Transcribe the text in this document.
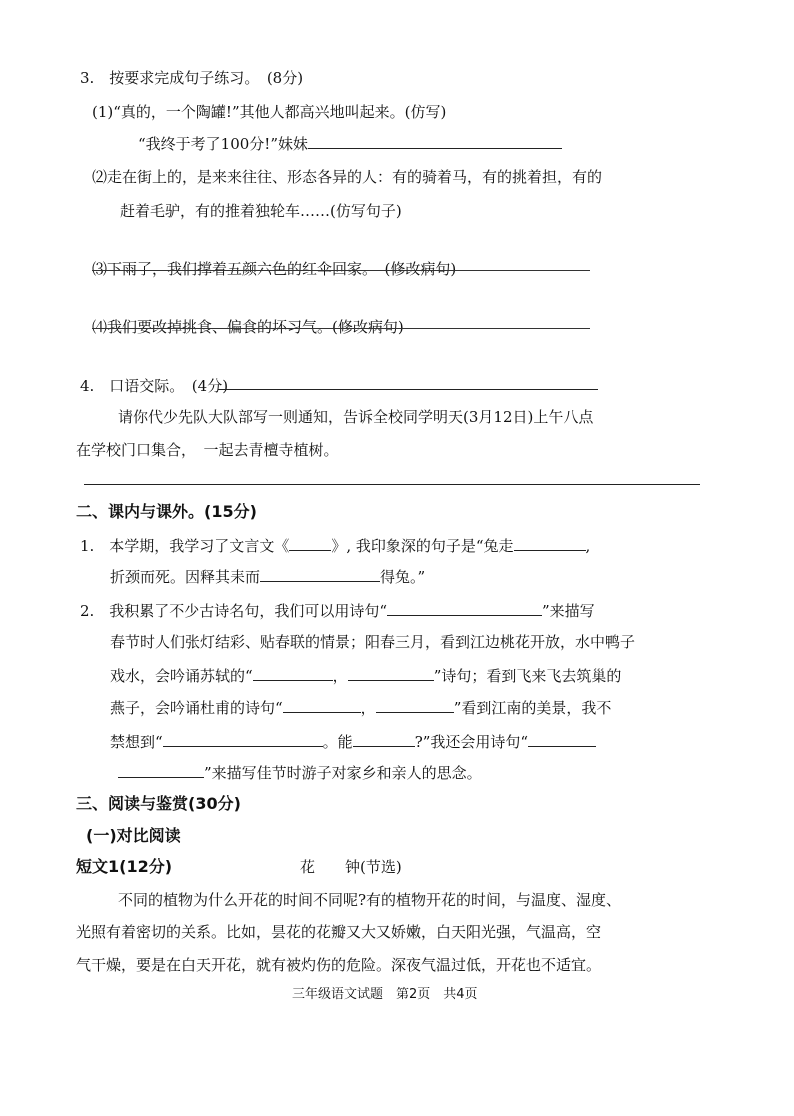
3.　按要求完成句子练习。　(8分)
(1)“真的，一个陶罐!”其他人都高兴地叫起来。(仿写)
“我终于考了100分!”妹妹
⑵走在街上的，是来来往往、形态各异的人：有的骑着马，有的挑着担，有的
赶着毛驴，有的推着独轮车……(仿写句子)
⑶下雨了，我们撑着五颜六色的红伞回家。　(修改病句)
⑷我们要改掉挑食、偏食的坏习气。(修改病句)
4.　口语交际。　(4分)
请你代少先队大队部写一则通知，告诉全校同学明天(3月12日)上午八点
在学校门口集合，　一起去青檀寺植树。
二、课内与课外。(15分)
1.　本学期，我学习了文言文《	》, 我印象深的句子是“兔走	,
折颈而死。因释其耒而	得兔。”
2.　我积累了不少古诗名句，我们可以用诗句“	”来描写
春节时人们张灯结彩、贴春联的情景；阳春三月，看到江边桃花开放，水中鸭子
戏水，会吟诵苏轼的“	，	”诗句；看到飞来飞去筑巢的
燕子，会吟诵杜甫的诗句“	，	”看到江南的美景，我不
禁想到“	。能	?”我还会用诗句“
”来描写佳节时游子对家乡和亲人的思念。
三、阅读与鉴赏(30分)
(一)对比阅读
短文1(12分)	花　　钟(节选)
不同的植物为什么开花的时间不同呢?有的植物开花的时间，与温度、湿度、
光照有着密切的关系。比如，昙花的花瓣又大又娇嫩，白天阳光强，气温高，空
气干燥，要是在白天开花，就有被灼伤的危险。深夜气温过低，开花也不适宜。
三年级语文试题　第2页　共4页
